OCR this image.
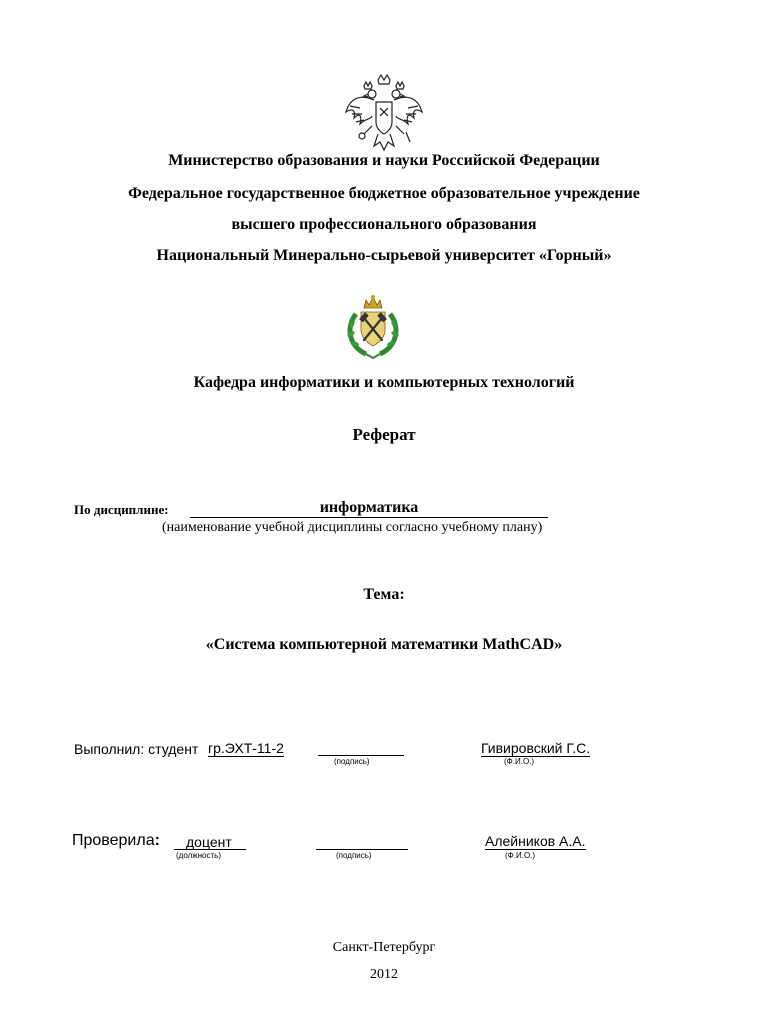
Министерство образования и науки Российской Федерации
Федеральное государственное бюджетное образовательное учреждение
высшего профессионального образования
Национальный Минерально-сырьевой университет «Горный»
Кафедра информатики и компьютерных технологий
Реферат
По дисциплине:	информатика
(наименование учебной дисциплины согласно учебному плану)
Тема:
«Система компьютерной математики MathCAD»
Выполнил: студент гр.ЭХТ-11-2
(подпись)
Гивировский Г.С.
(Ф.И.О.)
Проверила: доцент
(должность)	(подпись)
Алейников А.А.
(Ф.И.О.)
Санкт-Петербург
2012
